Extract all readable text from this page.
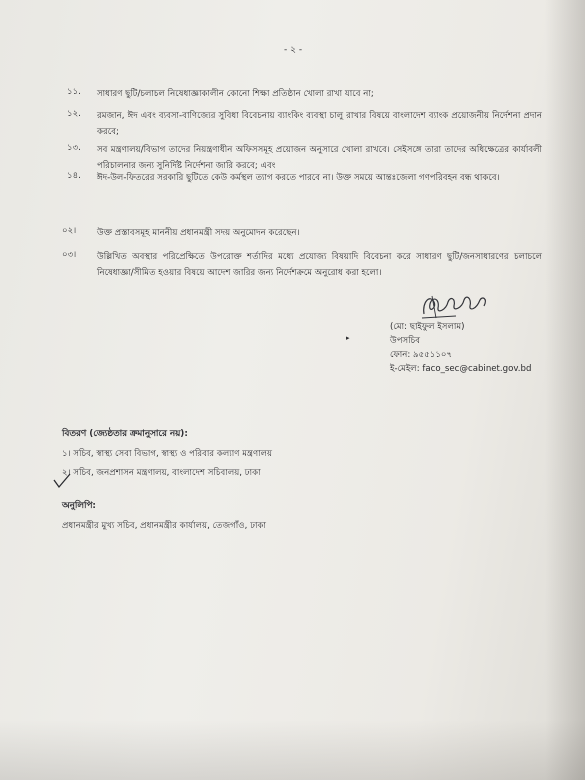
- ২ -
১১.	সাধারণ ছুটি/চলাচল নিষেধাজ্ঞাকালীন কোনো শিক্ষা প্রতিষ্ঠান খোলা রাখা যাবে না;
১২.	রমজান, ঈদ এবং ব্যবসা-বাণিজ্যের সুবিধা বিবেচনায় ব্যাংকিং ব্যবস্থা চালু রাখার বিষয়ে বাংলাদেশ ব্যাংক প্রয়োজনীয় নির্দেশনা প্রদান করবে;
১৩.	সব মন্ত্রণালয়/বিভাগ তাদের নিয়ন্ত্রণাধীন অফিসসমূহ প্রয়োজন অনুসারে খোলা রাখবে। সেইসঙ্গে তারা তাদের অধিক্ষেত্রের কার্যাবলী পরিচালনার জন্য সুনির্দিষ্ট নির্দেশনা জারি করবে; এবং
১৪.	ঈদ-উল-ফিতরের সরকারি ছুটিতে কেউ কর্মস্থল ত্যাগ করতে পারবে না। উক্ত সময়ে আন্তঃজেলা গণপরিবহন বন্ধ থাকবে।
০২।	উক্ত প্রস্তাবসমূহ মাননীয় প্রধানমন্ত্রী সদয় অনুমোদন করেছেন।
০৩।	উল্লিখিত অবস্থার পরিপ্রেক্ষিতে উপরোক্ত শর্তাদির মধ্যে প্রযোজ্য বিষয়াদি বিবেচনা করে সাধারণ ছুটি/জনসাধারণের চলাচলে নিষেধাজ্ঞা/সীমিত হওয়ার বিষয়ে আদেশ জারির জন্য নির্দেশক্রমে অনুরোধ করা হলো।
▸
(মো: ছাইফুল ইসলাম)
উপসচিব
ফোন: ৯৫৫১১০৭
ই-মেইল: faco_sec@cabinet.gov.bd
বিতরণ (জ্যেষ্ঠতার ক্রমানুসারে নয়):
১। সচিব, স্বাস্থ্য সেবা বিভাগ, স্বাস্থ্য ও পরিবার কল্যাণ মন্ত্রণালয়
২। সচিব, জনপ্রশাসন মন্ত্রণালয়, বাংলাদেশ সচিবালয়, ঢাকা
অনুলিপি:
প্রধানমন্ত্রীর মুখ্য সচিব, প্রধানমন্ত্রীর কার্যালয়, তেজগাঁও, ঢাকা
